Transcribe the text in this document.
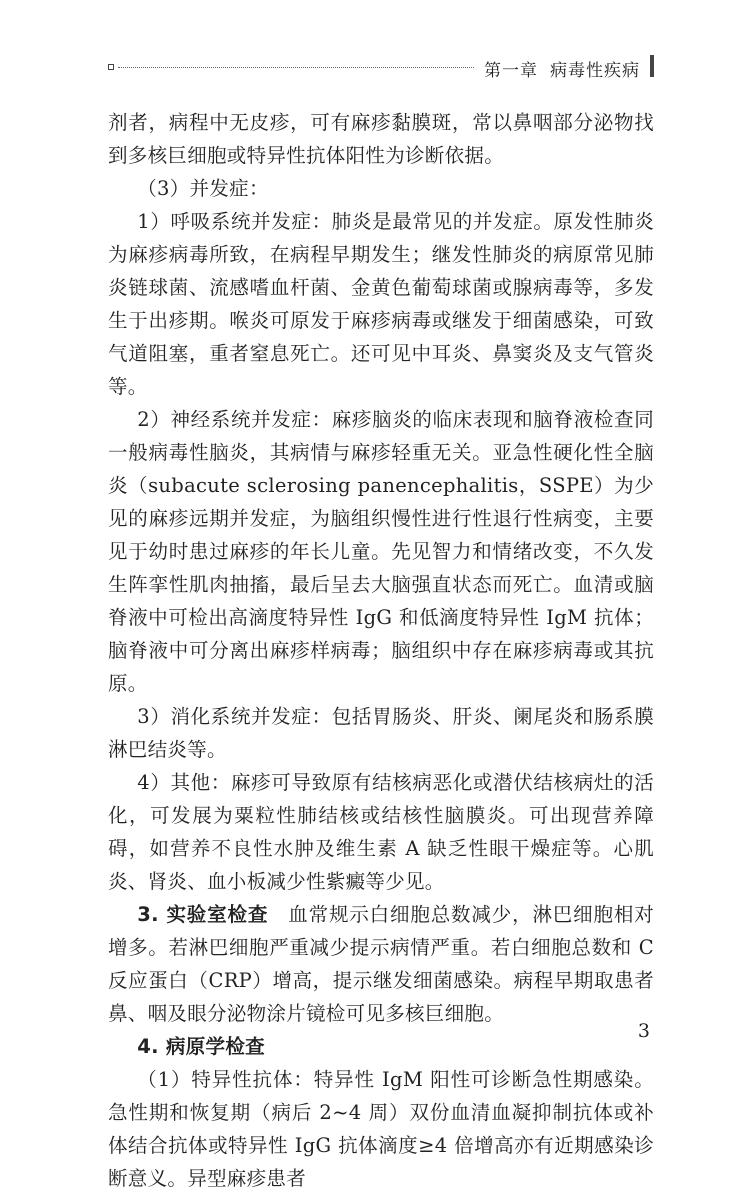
第一章 病毒性疾病

剂者，病程中无皮疹，可有麻疹黏膜斑，常以鼻咽部分泌物找到多核巨细胞或特异性抗体阳性为诊断依据。

（3）并发症：

1）呼吸系统并发症：肺炎是最常见的并发症。原发性肺炎为麻疹病毒所致，在病程早期发生；继发性肺炎的病原常见肺炎链球菌、流感嗜血杆菌、金黄色葡萄球菌或腺病毒等，多发生于出疹期。喉炎可原发于麻疹病毒或继发于细菌感染，可致气道阻塞，重者窒息死亡。还可见中耳炎、鼻窦炎及支气管炎等。

2）神经系统并发症：麻疹脑炎的临床表现和脑脊液检查同一般病毒性脑炎，其病情与麻疹轻重无关。亚急性硬化性全脑炎（subacute sclerosing panencephalitis，SSPE）为少见的麻疹远期并发症，为脑组织慢性进行性退行性病变，主要见于幼时患过麻疹的年长儿童。先见智力和情绪改变，不久发生阵挛性肌肉抽搐，最后呈去大脑强直状态而死亡。血清或脑脊液中可检出高滴度特异性 IgG 和低滴度特异性 IgM 抗体；脑脊液中可分离出麻疹样病毒；脑组织中存在麻疹病毒或其抗原。

3）消化系统并发症：包括胃肠炎、肝炎、阑尾炎和肠系膜淋巴结炎等。

4）其他：麻疹可导致原有结核病恶化或潜伏结核病灶的活化，可发展为粟粒性肺结核或结核性脑膜炎。可出现营养障碍，如营养不良性水肿及维生素 A 缺乏性眼干燥症等。心肌炎、肾炎、血小板减少性紫癜等少见。

3. 实验室检查 血常规示白细胞总数减少，淋巴细胞相对增多。若淋巴细胞严重减少提示病情严重。若白细胞总数和 C 反应蛋白（CRP）增高，提示继发细菌感染。病程早期取患者鼻、咽及眼分泌物涂片镜检可见多核巨细胞。

4. 病原学检查

（1）特异性抗体：特异性 IgM 阳性可诊断急性期感染。急性期和恢复期（病后 2~4 周）双份血清血凝抑制抗体或补体结合抗体或特异性 IgG 抗体滴度≥4 倍增高亦有近期感染诊断意义。异型麻疹患者

3
